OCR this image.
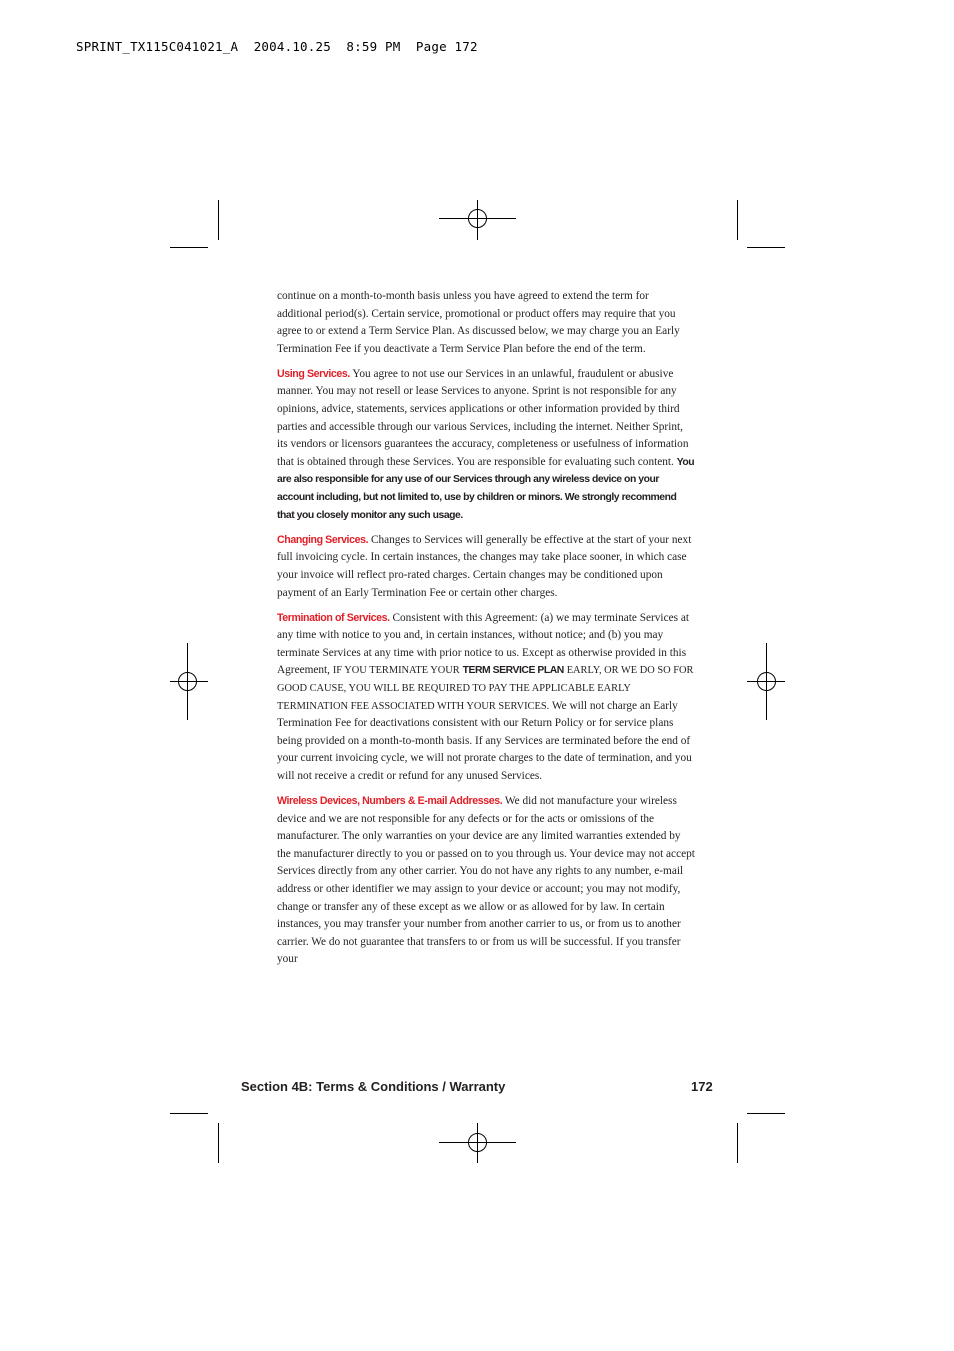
SPRINT_TX115C041021_A  2004.10.25  8:59 PM  Page 172

continue on a month-to-month basis unless you have agreed to extend the term for additional period(s). Certain service, promotional or product offers may require that you agree to or extend a Term Service Plan. As discussed below, we may charge you an Early Termination Fee if you deactivate a Term Service Plan before the end of the term.

Using Services. You agree to not use our Services in an unlawful, fraudulent or abusive manner. You may not resell or lease Services to anyone. Sprint is not responsible for any opinions, advice, statements, services applications or other information provided by third parties and accessible through our various Services, including the internet. Neither Sprint, its vendors or licensors guarantees the accuracy, completeness or usefulness of information that is obtained through these Services. You are responsible for evaluating such content. You are also responsible for any use of our Services through any wireless device on your account including, but not limited to, use by children or minors. We strongly recommend that you closely monitor any such usage.

Changing Services. Changes to Services will generally be effective at the start of your next full invoicing cycle. In certain instances, the changes may take place sooner, in which case your invoice will reflect pro-rated charges. Certain changes may be conditioned upon payment of an Early Termination Fee or certain other charges.

Termination of Services. Consistent with this Agreement: (a) we may terminate Services at any time with notice to you and, in certain instances, without notice; and (b) you may terminate Services at any time with prior notice to us. Except as otherwise provided in this Agreement, IF YOU TERMINATE YOUR TERM SERVICE PLAN EARLY, OR WE DO SO FOR GOOD CAUSE, YOU WILL BE REQUIRED TO PAY THE APPLICABLE EARLY TERMINATION FEE ASSOCIATED WITH YOUR SERVICES. We will not charge an Early Termination Fee for deactivations consistent with our Return Policy or for service plans being provided on a month-to-month basis. If any Services are terminated before the end of your current invoicing cycle, we will not prorate charges to the date of termination, and you will not receive a credit or refund for any unused Services.

Wireless Devices, Numbers & E-mail Addresses. We did not manufacture your wireless device and we are not responsible for any defects or for the acts or omissions of the manufacturer. The only warranties on your device are any limited warranties extended by the manufacturer directly to you or passed on to you through us. Your device may not accept Services directly from any other carrier. You do not have any rights to any number, e-mail address or other identifier we may assign to your device or account; you may not modify, change or transfer any of these except as we allow or as allowed for by law. In certain instances, you may transfer your number from another carrier to us, or from us to another carrier. We do not guarantee that transfers to or from us will be successful. If you transfer your

Section 4B: Terms & Conditions / Warranty	172
